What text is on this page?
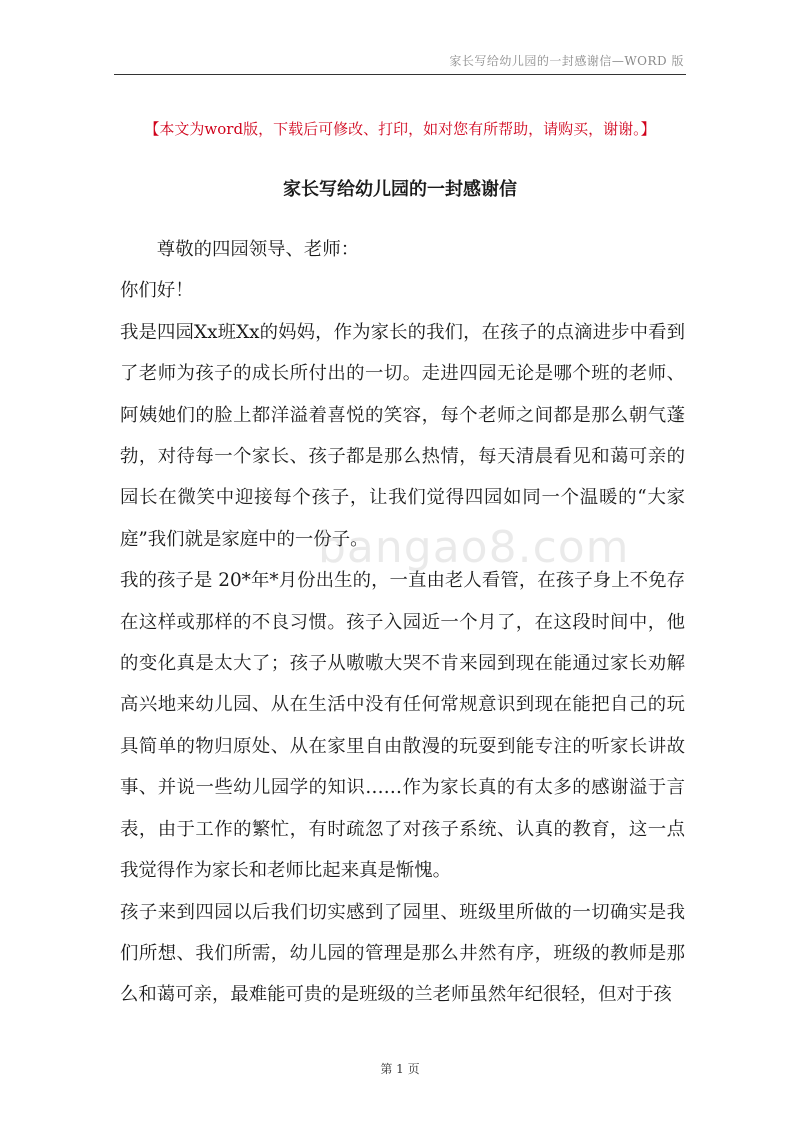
家长写给幼儿园的一封感谢信—WORD 版
【本文为word版，下载后可修改、打印，如对您有所帮助，请购买，谢谢。】
家长写给幼儿园的一封感谢信

尊敬的四园领导、老师：

你们好！

我是四园Xx班Xx的妈妈，作为家长的我们，在孩子的点滴进步中看到了老师为孩子的成长所付出的一切。走进四园无论是哪个班的老师、阿姨她们的脸上都洋溢着喜悦的笑容，每个老师之间都是那么朝气蓬勃，对待每一个家长、孩子都是那么热情，每天清晨看见和蔼可亲的园长在微笑中迎接每个孩子，让我们觉得四园如同一个温暖的“大家庭”我们就是家庭中的一份子。

我的孩子是 20*年*月份出生的，一直由老人看管，在孩子身上不免存在这样或那样的不良习惯。孩子入园近一个月了，在这段时间中，他的变化真是太大了；孩子从嗷嗷大哭不肯来园到现在能通过家长劝解高兴地来幼儿园、从在生活中没有任何常规意识到现在能把自己的玩具简单的物归原处、从在家里自由散漫的玩耍到能专注的听家长讲故事、并说一些幼儿园学的知识……作为家长真的有太多的感谢溢于言表，由于工作的繁忙，有时疏忽了对孩子系统、认真的教育，这一点我觉得作为家长和老师比起来真是惭愧。

孩子来到四园以后我们切实感到了园里、班级里所做的一切确实是我们所想、我们所需，幼儿园的管理是那么井然有序，班级的教师是那么和蔼可亲，最难能可贵的是班级的兰老师虽然年纪很轻，但对于孩

bangao8.com
第 1 页
